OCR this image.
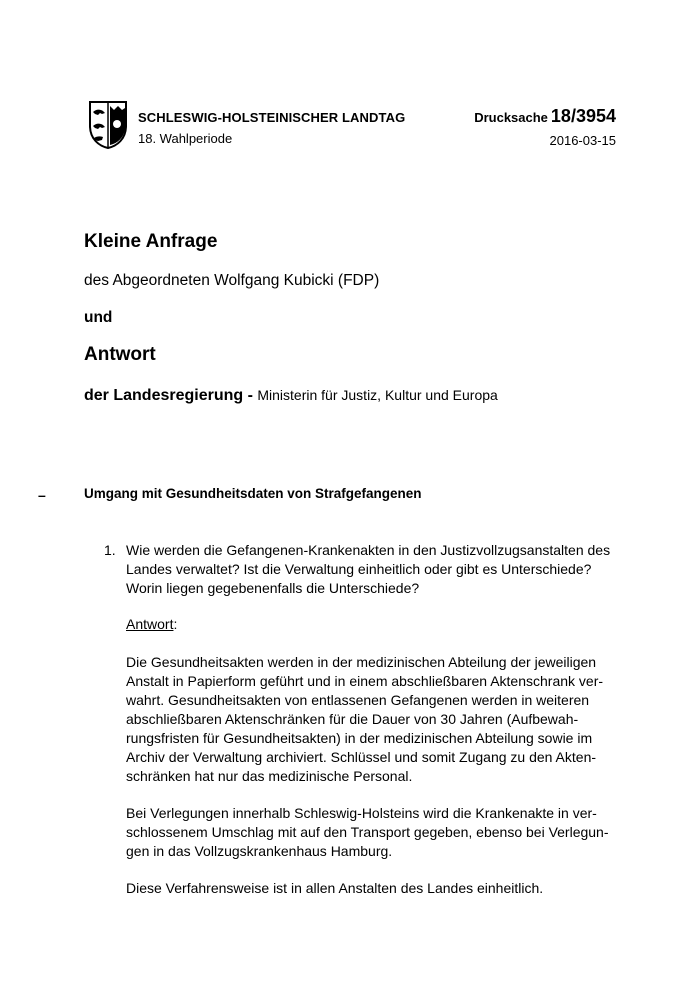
SCHLESWIG-HOLSTEINISCHER LANDTAG
18. Wahlperiode
Drucksache 18/3954
2016-03-15
Kleine Anfrage
des Abgeordneten Wolfgang Kubicki (FDP)
und
Antwort
der Landesregierung - Ministerin für Justiz, Kultur und Europa
–	Umgang mit Gesundheitsdaten von Strafgefangenen
1. Wie werden die Gefangenen-Krankenakten in den Justizvollzugsanstalten des
Landes verwaltet? Ist die Verwaltung einheitlich oder gibt es Unterschiede?
Worin liegen gegebenenfalls die Unterschiede?
Antwort:
Die Gesundheitsakten werden in der medizinischen Abteilung der jeweiligen
Anstalt in Papierform geführt und in einem abschließbaren Aktenschrank ver-
wahrt. Gesundheitsakten von entlassenen Gefangenen werden in weiteren
abschließbaren Aktenschränken für die Dauer von 30 Jahren (Aufbewah-
rungsfristen für Gesundheitsakten) in der medizinischen Abteilung sowie im
Archiv der Verwaltung archiviert. Schlüssel und somit Zugang zu den Akten-
schränken hat nur das medizinische Personal.
Bei Verlegungen innerhalb Schleswig-Holsteins wird die Krankenakte in ver-
schlossenem Umschlag mit auf den Transport gegeben, ebenso bei Verlegun-
gen in das Vollzugskrankenhaus Hamburg.
Diese Verfahrensweise ist in allen Anstalten des Landes einheitlich.
